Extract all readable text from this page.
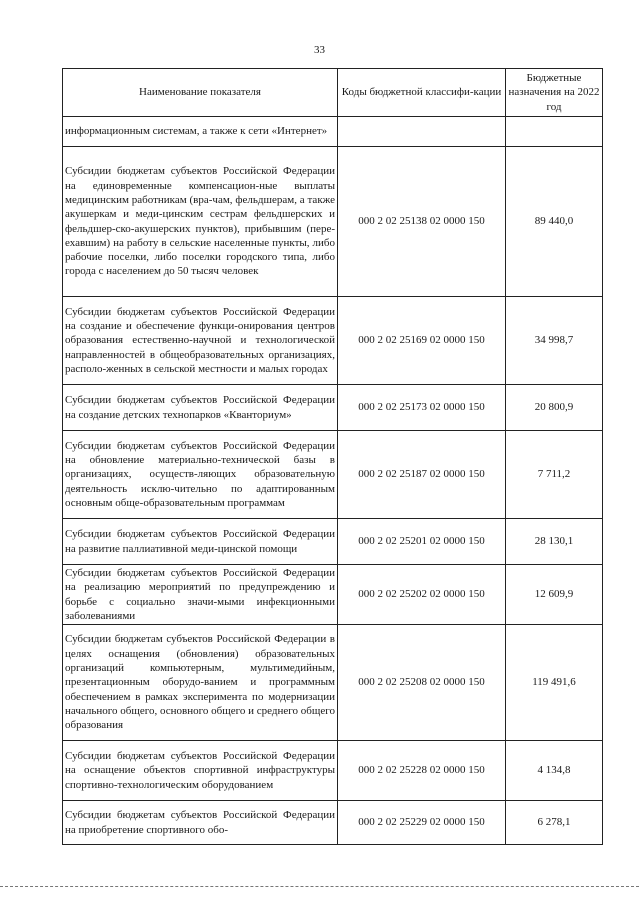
33
Наименование показателя	Коды бюджетной классифи-кации	Бюджетные назначения на 2022 год
информационным системам, а также к сети «Интернет»		
Субсидии бюджетам субъектов Российской Федерации на единовременные компенсацион-ные выплаты медицинским работникам (вра-чам, фельдшерам, а также акушеркам и меди-цинским сестрам фельдшерских и фельдшер-ско-акушерских пунктов), прибывшим (пере-ехавшим) на работу в сельские населенные пункты, либо рабочие поселки, либо поселки городского типа, либо города с населением до 50 тысяч человек	000 2 02 25138 02 0000 150	89 440,0
Субсидии бюджетам субъектов Российской Федерации на создание и обеспечение функци-онирования центров образования естественно-научной и технологической направленностей в общеобразовательных организациях, располо-женных в сельской местности и малых городах	000 2 02 25169 02 0000 150	34 998,7
Субсидии бюджетам субъектов Российской Федерации на создание детских технопарков «Кванториум»	000 2 02 25173 02 0000 150	20 800,9
Субсидии бюджетам субъектов Российской Федерации на обновление материально-технической базы в организациях, осуществ-ляющих образовательную деятельность исклю-чительно по адаптированным основным обще-образовательным программам	000 2 02 25187 02 0000 150	7 711,2
Субсидии бюджетам субъектов Российской Федерации на развитие паллиативной меди-цинской помощи	000 2 02 25201 02 0000 150	28 130,1
Субсидии бюджетам субъектов Российской Федерации на реализацию мероприятий по предупреждению и борьбе с социально значи-мыми инфекционными заболеваниями	000 2 02 25202 02 0000 150	12 609,9
Субсидии бюджетам субъектов Российской Федерации в целях оснащения (обновления) образовательных организаций компьютерным, мультимедийным, презентационным оборудо-ванием и программным обеспечением в рамках эксперимента по модернизации начального общего, основного общего и среднего общего образования	000 2 02 25208 02 0000 150	119 491,6
Субсидии бюджетам субъектов Российской Федерации на оснащение объектов спортивной инфраструктуры спортивно-технологическим оборудованием	000 2 02 25228 02 0000 150	4 134,8
Субсидии бюджетам субъектов Российской Федерации на приобретение спортивного обо-	000 2 02 25229 02 0000 150	6 278,1
